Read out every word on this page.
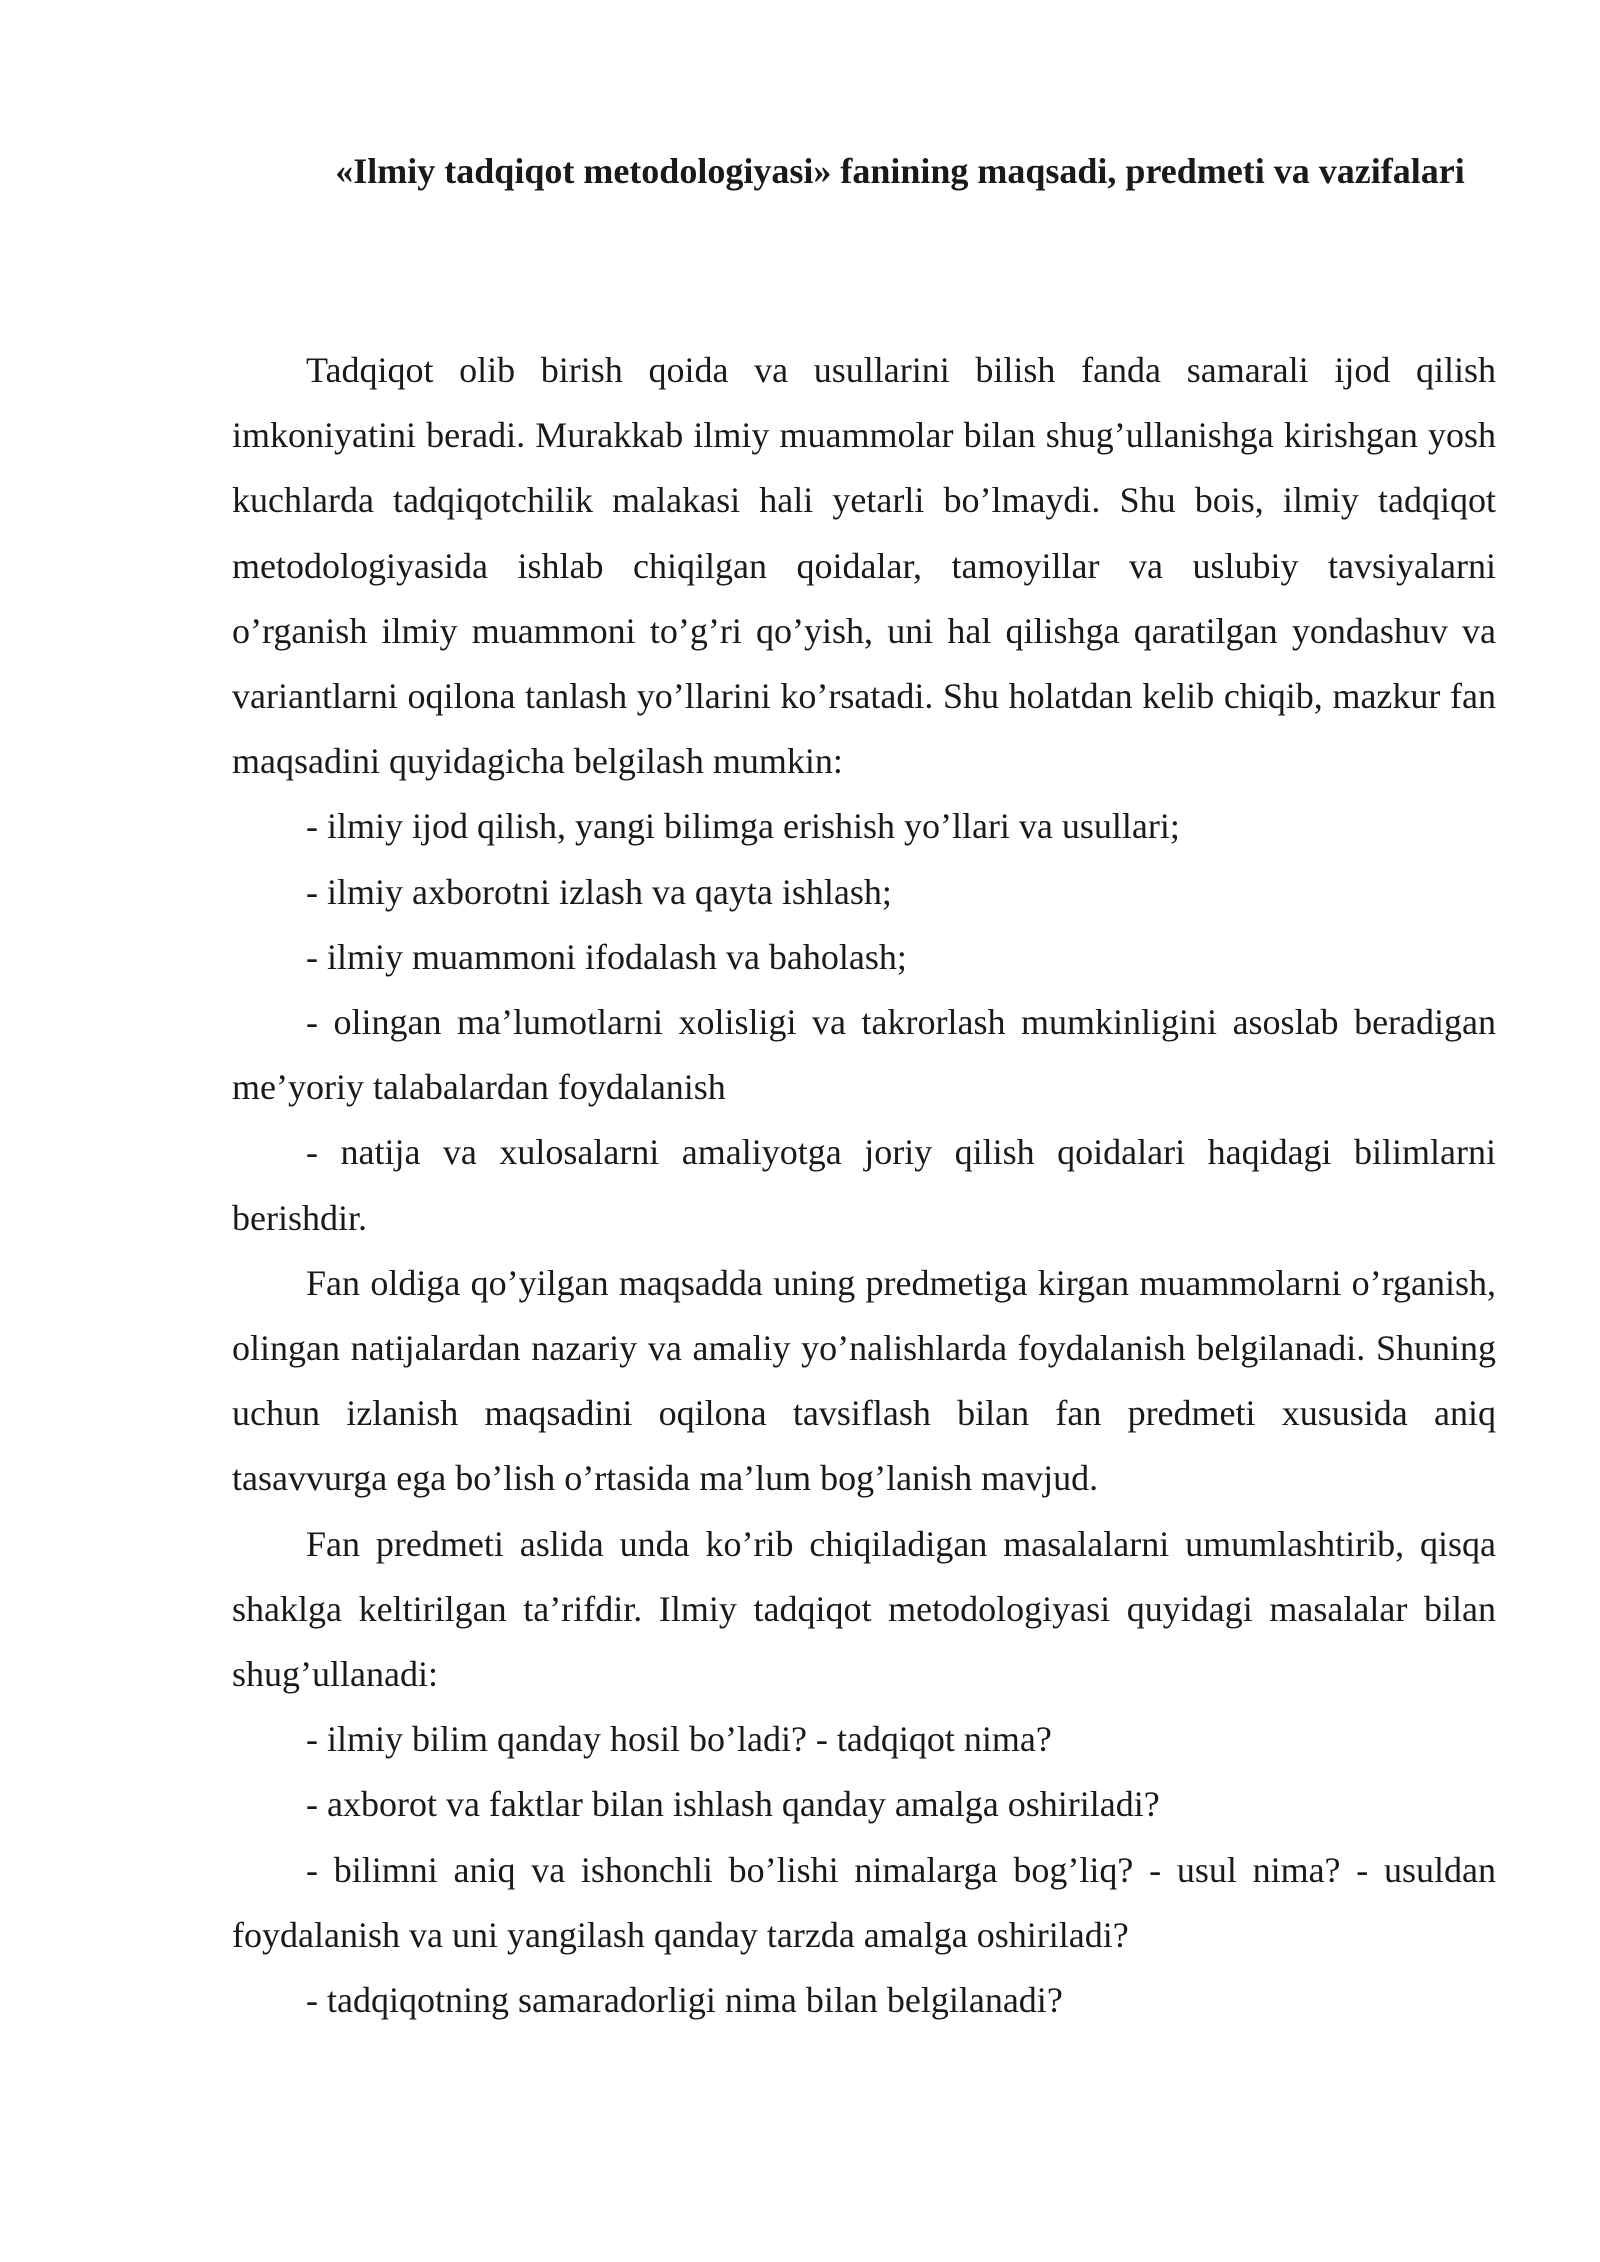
«Ilmiy tadqiqot metodologiyasi» fanining maqsadi, predmeti va vazifalari

Tadqiqot olib birish qoida va usullarini bilish fanda samarali ijod qilish imkoniyatini beradi. Murakkab ilmiy muammolar bilan shug’ullanishga kirishgan yosh kuchlarda tadqiqotchilik malakasi hali yetarli bo’lmaydi. Shu bois, ilmiy tadqiqot metodologiyasida ishlab chiqilgan qoidalar, tamoyillar va uslubiy tavsiyalarni o’rganish ilmiy muammoni to’g’ri qo’yish, uni hal qilishga qaratilgan yondashuv va variantlarni oqilona tanlash yo’llarini ko’rsatadi. Shu holatdan kelib chiqib, mazkur fan maqsadini quyidagicha belgilash mumkin:

- ilmiy ijod qilish, yangi bilimga erishish yo’llari va usullari;

- ilmiy axborotni izlash va qayta ishlash;

- ilmiy muammoni ifodalash va baholash;

- olingan ma’lumotlarni xolisligi va takrorlash mumkinligini asoslab beradigan me’yoriy talabalardan foydalanish

- natija va xulosalarni amaliyotga joriy qilish qoidalari haqidagi bilimlarni berishdir.

Fan oldiga qo’yilgan maqsadda uning predmetiga kirgan muammolarni o’rganish, olingan natijalardan nazariy va amaliy yo’nalishlarda foydalanish belgilanadi. Shuning uchun izlanish maqsadini oqilona tavsiflash bilan fan predmeti xususida aniq tasavvurga ega bo’lish o’rtasida ma’lum bog’lanish mavjud.

Fan predmeti aslida unda ko’rib chiqiladigan masalalarni umumlashtirib, qisqa shaklga keltirilgan ta’rifdir. Ilmiy tadqiqot metodologiyasi quyidagi masalalar bilan shug’ullanadi:

- ilmiy bilim qanday hosil bo’ladi? - tadqiqot nima?

- axborot va faktlar bilan ishlash qanday amalga oshiriladi?

- bilimni aniq va ishonchli bo’lishi nimalarga bog’liq? - usul nima? - usuldan foydalanish va uni yangilash qanday tarzda amalga oshiriladi?

- tadqiqotning samaradorligi nima bilan belgilanadi?
